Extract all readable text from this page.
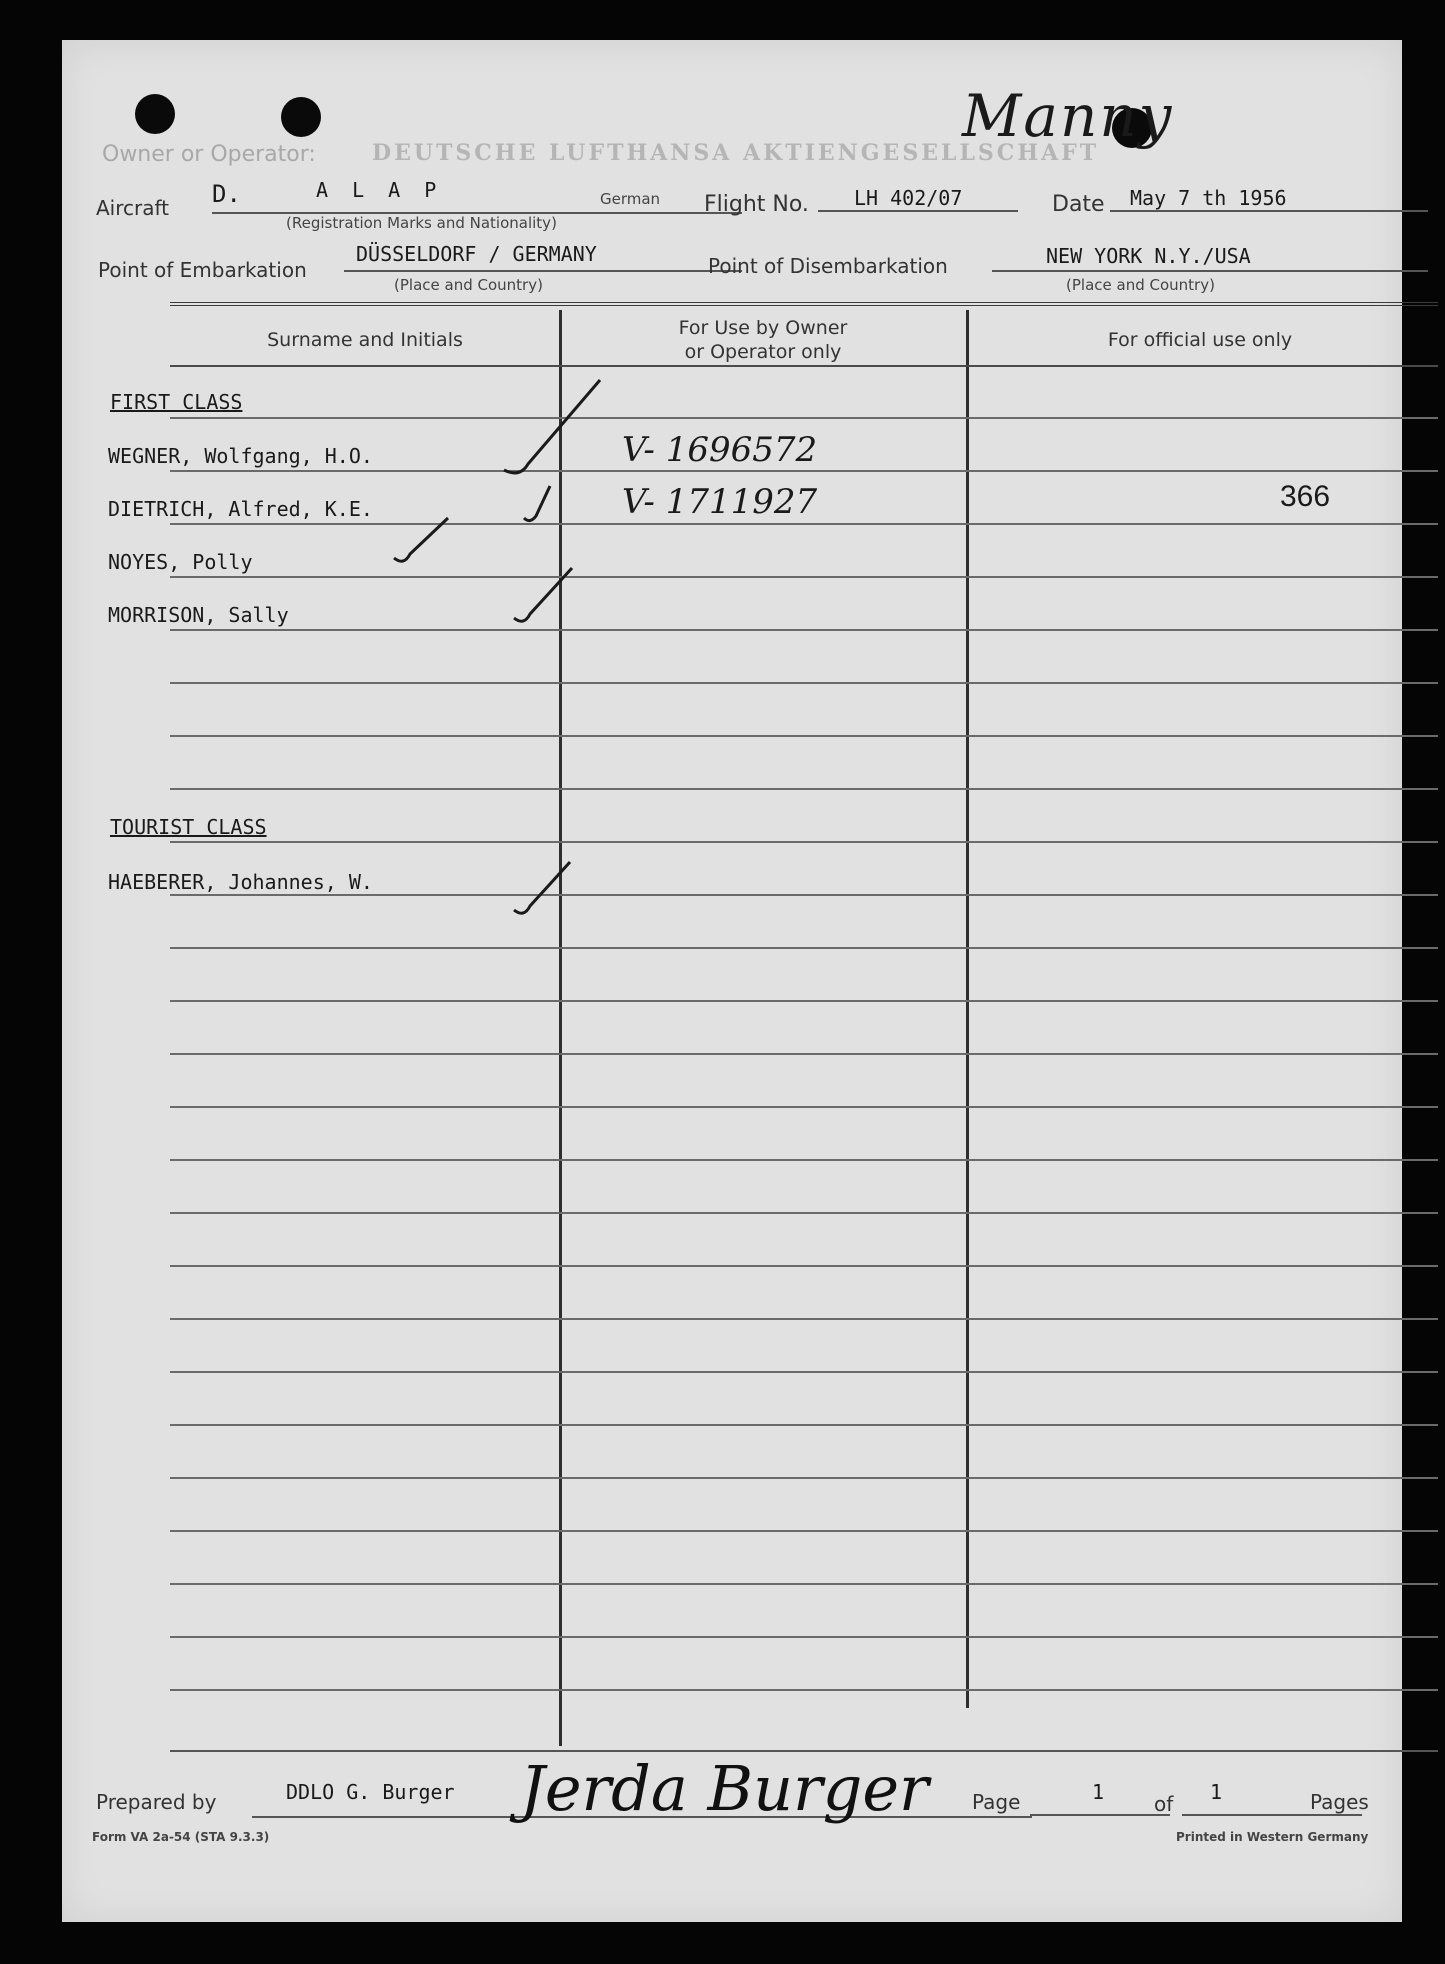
Manny
Owner or Operator:	DEUTSCHE LUFTHANSA AKTIENGESELLSCHAFT
Aircraft D.	A L A P	German
(Registration Marks and Nationality)
Flight No. LH 402/07	Date May 7 th 1956
Point of Embarkation
DÜSSELDORF / GERMANY
(Place and Country)
Point of Disembarkation	NEW YORK N.Y./USA
(Place and Country)
Surname and Initials
For Use by Owner
or Operator only
For official use only
FIRST CLASS
WEGNER, Wolfgang, H.O.	V- 1696572
DIETRICH, Alfred, K.E.	V- 1711927	366
NOYES, Polly
MORRISON, Sally
TOURIST CLASS
HAEBERER, Johannes, W.
Prepared by	DDLO G. Burger Jerda Burger Page	1 of 1	Pages
Form VA 2a-54 (STA 9.3.3)	Printed in Western Germany
